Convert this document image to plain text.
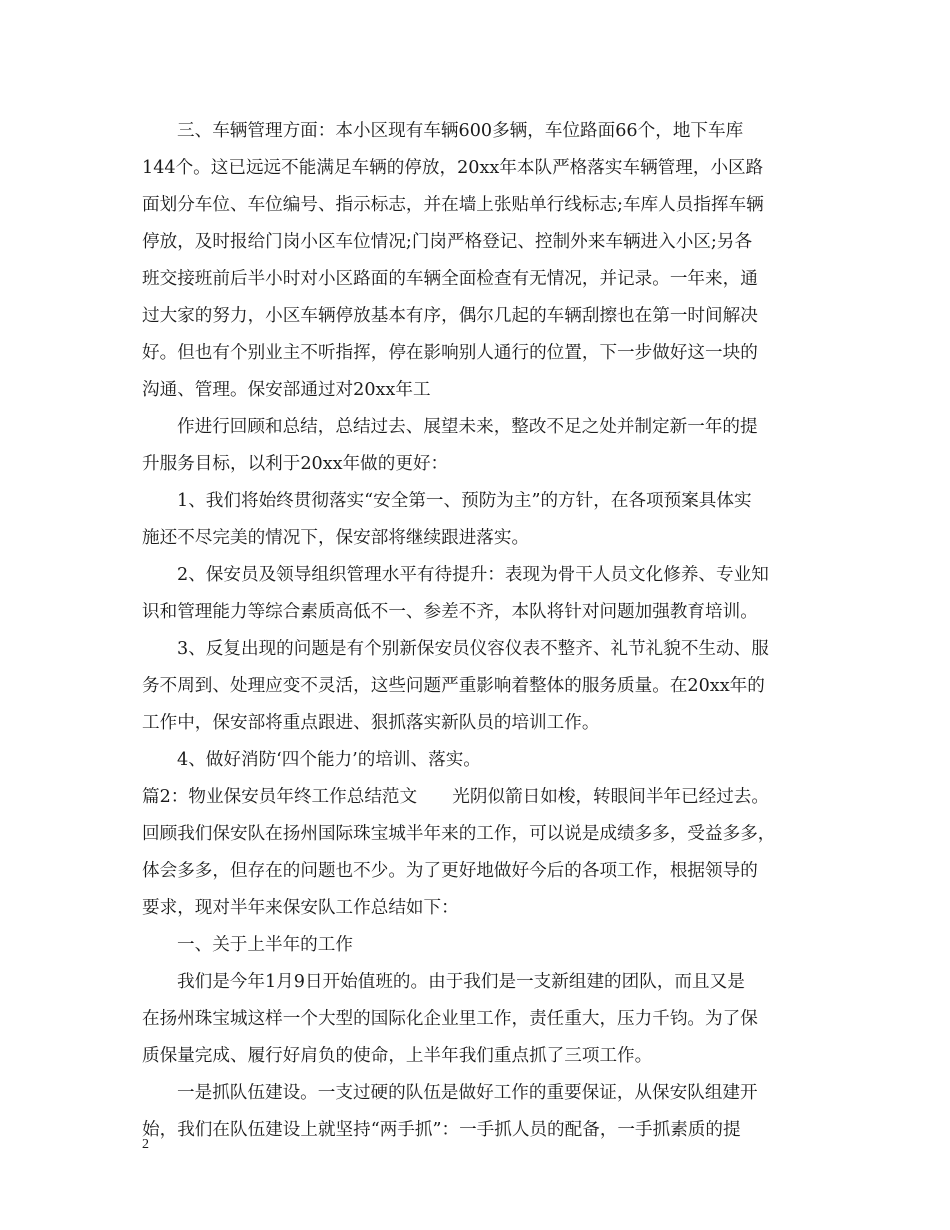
三、车辆管理方面：本小区现有车辆600多辆，车位路面66个，地下车库
144个。这已远远不能满足车辆的停放，20xx年本队严格落实车辆管理，小区路
面划分车位、车位编号、指示标志，并在墙上张贴单行线标志;车库人员指挥车辆
停放，及时报给门岗小区车位情况;门岗严格登记、控制外来车辆进入小区;另各
班交接班前后半小时对小区路面的车辆全面检查有无情况，并记录。一年来，通
过大家的努力，小区车辆停放基本有序，偶尔几起的车辆刮擦也在第一时间解决
好。但也有个别业主不听指挥，停在影响别人通行的位置，下一步做好这一块的
沟通、管理。保安部通过对20xx年工
作进行回顾和总结，总结过去、展望未来，整改不足之处并制定新一年的提
升服务目标，以利于20xx年做的更好：
1、我们将始终贯彻落实“安全第一、预防为主”的方针，在各项预案具体实
施还不尽完美的情况下，保安部将继续跟进落实。
2、保安员及领导组织管理水平有待提升：表现为骨干人员文化修养、专业知
识和管理能力等综合素质高低不一、参差不齐，本队将针对问题加强教育培训。
3、反复出现的问题是有个别新保安员仪容仪表不整齐、礼节礼貌不生动、服
务不周到、处理应变不灵活，这些问题严重影响着整体的服务质量。在20xx年的
工作中，保安部将重点跟进、狠抓落实新队员的培训工作。
4、做好消防‘四个能力’的培训、落实。
篇2：物业保安员年终工作总结范文　　光阴似箭日如梭，转眼间半年已经过去。
回顾我们保安队在扬州国际珠宝城半年来的工作，可以说是成绩多多，受益多多，
体会多多，但存在的问题也不少。为了更好地做好今后的各项工作，根据领导的
要求，现对半年来保安队工作总结如下：
一、关于上半年的工作
我们是今年1月9日开始值班的。由于我们是一支新组建的团队，而且又是
在扬州珠宝城这样一个大型的国际化企业里工作，责任重大，压力千钧。为了保
质保量完成、履行好肩负的使命，上半年我们重点抓了三项工作。
一是抓队伍建设。一支过硬的队伍是做好工作的重要保证，从保安队组建开
始，我们在队伍建设上就坚持“两手抓”：一手抓人员的配备，一手抓素质的提
2
